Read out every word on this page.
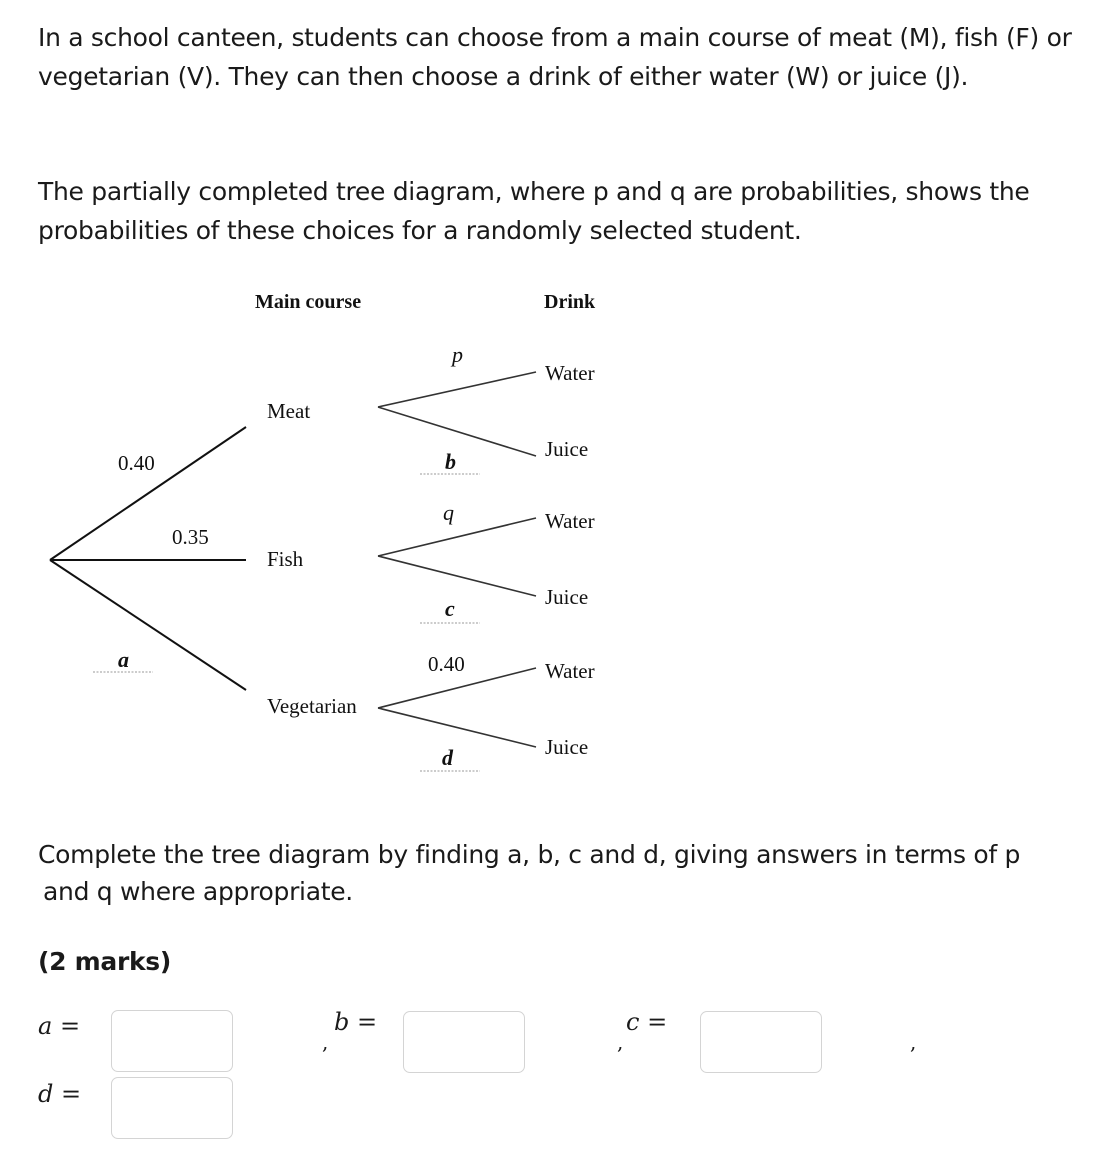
In a school canteen, students can choose from a main course of meat (M), fish (F) or vegetarian (V). They can then choose a drink of either water (W) or juice (J).

The partially completed tree diagram, where p and q are probabilities, shows the probabilities of these choices for a randomly selected student.

Main course	Drink
Meat
Fish
Vegetarian
0.40
0.35
a
p
b
q
c
0.40
d
Water
Juice
Water
Juice
Water
Juice

Complete the tree diagram by finding a, b, c and d, giving answers in terms of p

and q where appropriate.

(2 marks)

a =
,
b =
,
c =
,
d =
